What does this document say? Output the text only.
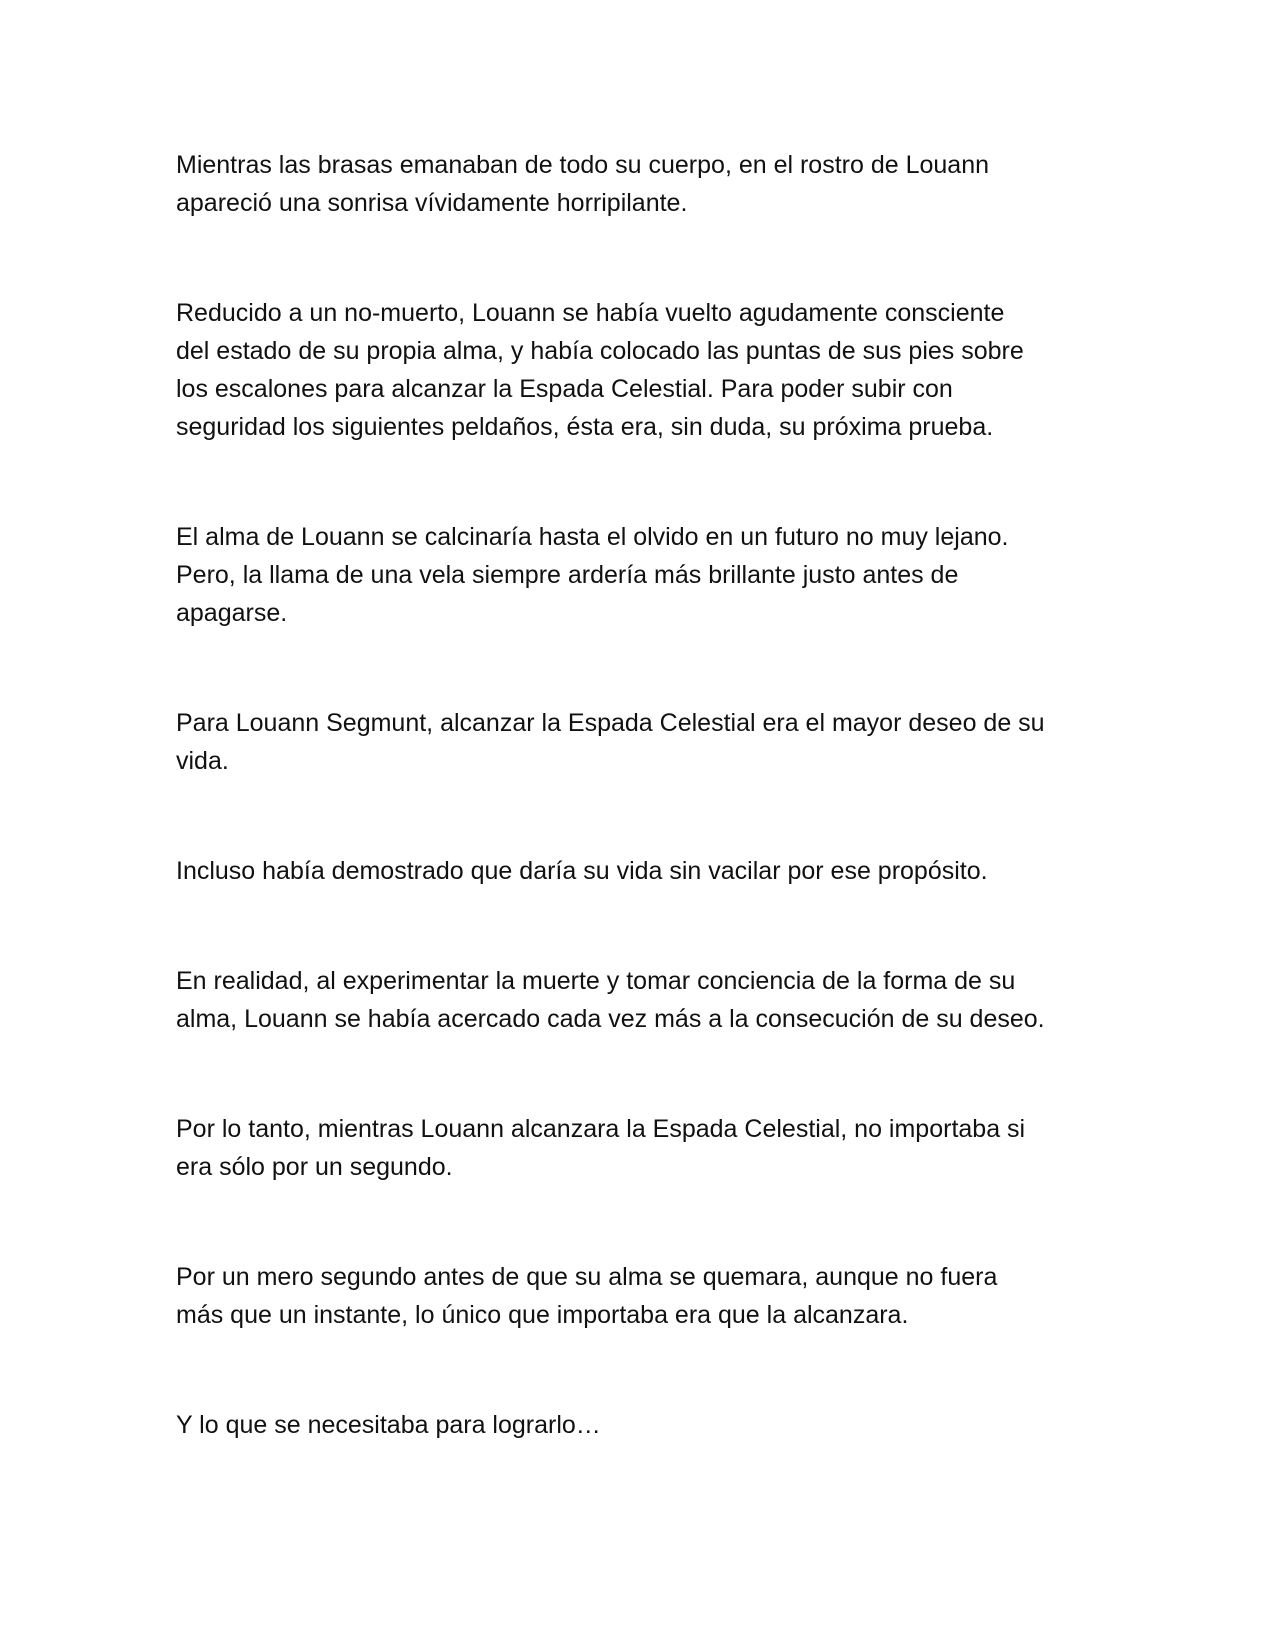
Mientras las brasas emanaban de todo su cuerpo, en el rostro de Louann
apareció una sonrisa vívidamente horripilante.

Reducido a un no-muerto, Louann se había vuelto agudamente consciente
del estado de su propia alma, y había colocado las puntas de sus pies sobre
los escalones para alcanzar la Espada Celestial. Para poder subir con
seguridad los siguientes peldaños, ésta era, sin duda, su próxima prueba.

El alma de Louann se calcinaría hasta el olvido en un futuro no muy lejano.
Pero, la llama de una vela siempre ardería más brillante justo antes de
apagarse.

Para Louann Segmunt, alcanzar la Espada Celestial era el mayor deseo de su
vida.

Incluso había demostrado que daría su vida sin vacilar por ese propósito.

En realidad, al experimentar la muerte y tomar conciencia de la forma de su
alma, Louann se había acercado cada vez más a la consecución de su deseo.

Por lo tanto, mientras Louann alcanzara la Espada Celestial, no importaba si
era sólo por un segundo.

Por un mero segundo antes de que su alma se quemara, aunque no fuera
más que un instante, lo único que importaba era que la alcanzara.

Y lo que se necesitaba para lograrlo…
